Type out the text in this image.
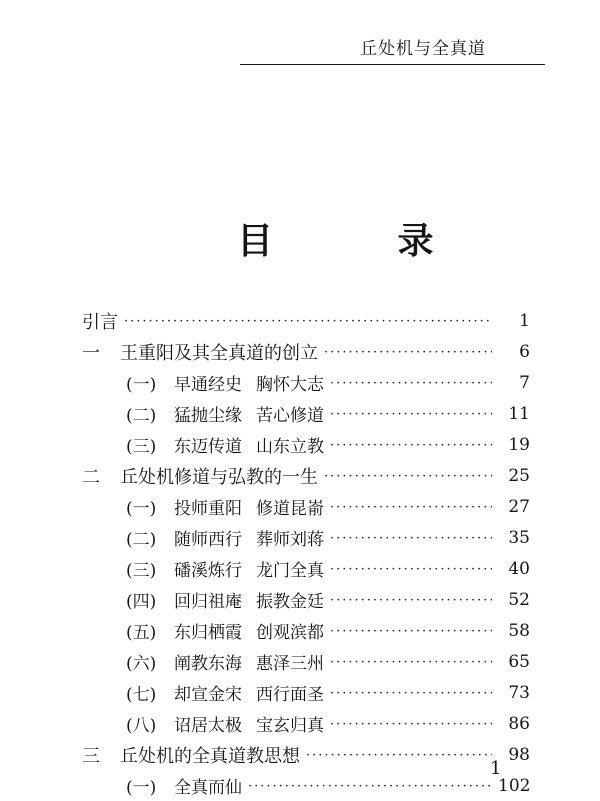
丘处机与全真道
目 录
引言 ·····	1
一	王重阳及其全真道的创立 ·····	6
(一)	早通经史 胸怀大志 ·····	7
(二)	猛抛尘缘 苦心修道 ·····	11
(三)	东迈传道 山东立教 ·····	19
二	丘处机修道与弘教的一生 ·····	25
(一)	投师重阳 修道昆嵛 ·····	27
(二)	随师西行 葬师刘蒋 ·····	35
(三)	磻溪炼行 龙门全真 ·····	40
(四)	回归祖庵 振教金廷 ·····	52
(五)	东归栖霞 创观滨都 ·····	58
(六)	阐教东海 惠泽三州 ·····	65
(七)	却宣金宋 西行面圣 ·····	73
(八)	诏居太极 宝玄归真 ·····	86
三	丘处机的全真道教思想 ·····	98
(一)	全真而仙 ·····	102
1
